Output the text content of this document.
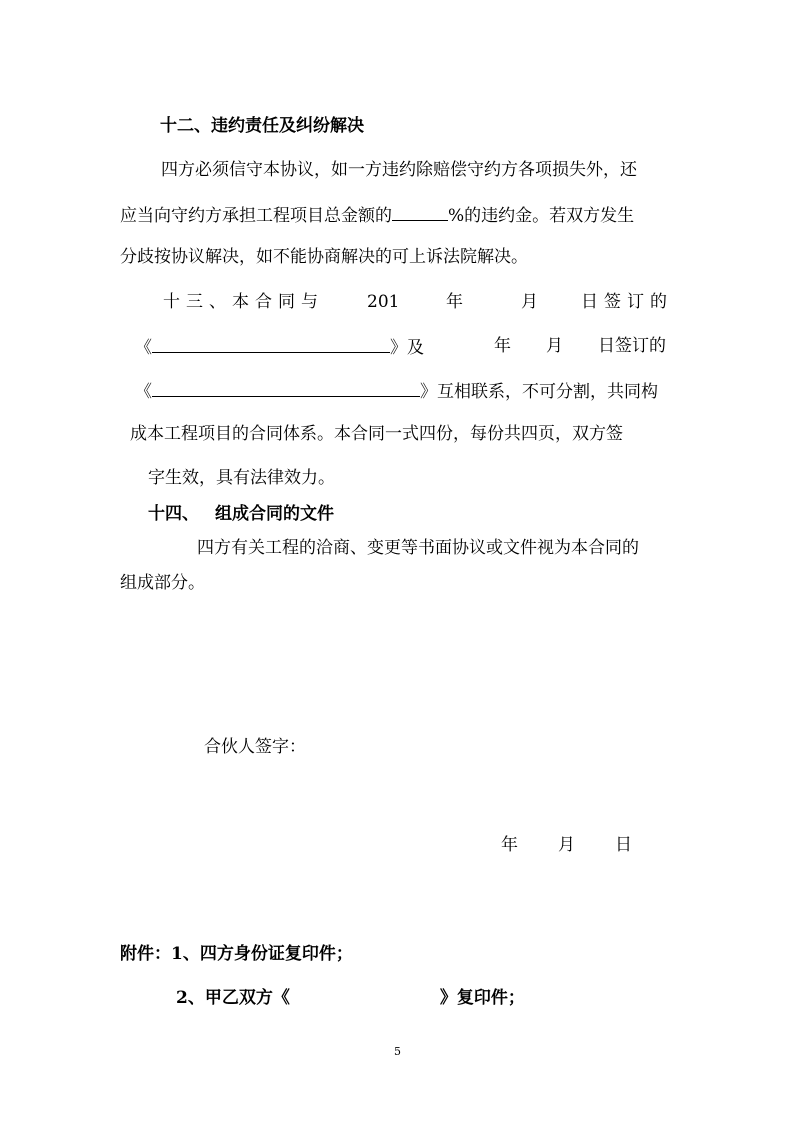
十二、违约责任及纠纷解决
四方必须信守本协议，如一方违约除赔偿守约方各项损失外，还
应当向守约方承担工程项目总金额的	%的违约金。若双方发生
分歧按协议解决，如不能协商解决的可上诉法院解决。
十三、本合同与	201	年	月	日签订的
《	》及	年 月 日签订的
《	》互相联系，不可分割，共同构
成本工程项目的合同体系。本合同一式四份，每份共四页，双方签
字生效，具有法律效力。
十四、 组成合同的文件
四方有关工程的洽商、变更等书面协议或文件视为本合同的
组成部分。
合伙人签字：
年 月 日
附件：1、四方身份证复印件；
2、甲乙双方《	》复印件；
5
